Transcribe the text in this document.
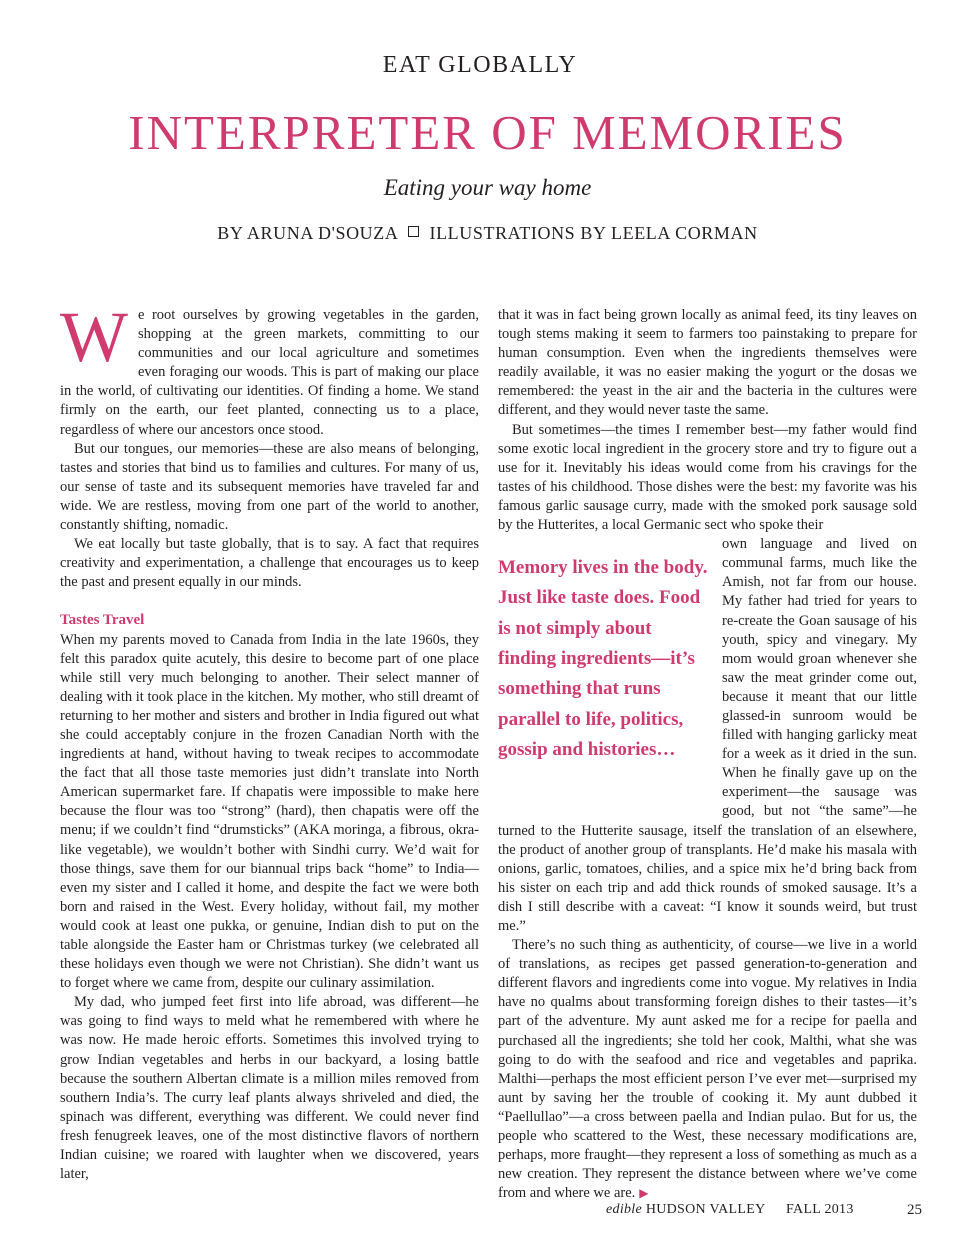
EAT GLOBALLY
INTERPRETER OF MEMORIES
Eating your way home
BY ARUNA D'SOUZA ILLUSTRATIONS BY LEELA CORMAN

We root ourselves by growing vegetables in the garden, shopping at the green markets, committing to our communities and our local agriculture and sometimes even foraging our woods. This is part of making our place in the world, of cultivating our identities. Of finding a home. We stand firmly on the earth, our feet planted, connecting us to a place, regardless of where our ancestors once stood.

But our tongues, our memories—these are also means of belonging, tastes and stories that bind us to families and cultures. For many of us, our sense of taste and its subsequent memories have traveled far and wide. We are restless, moving from one part of the world to another, constantly shifting, nomadic.

We eat locally but taste globally, that is to say. A fact that requires creativity and experimentation, a challenge that encourages us to keep the past and present equally in our minds.

Tastes Travel

When my parents moved to Canada from India in the late 1960s, they felt this paradox quite acutely, this desire to become part of one place while still very much belonging to another. Their select manner of dealing with it took place in the kitchen. My mother, who still dreamt of returning to her mother and sisters and brother in India figured out what she could acceptably conjure in the frozen Canadian North with the ingredients at hand, without having to tweak recipes to accommodate the fact that all those taste memories just didn’t translate into North American supermarket fare. If chapatis were impossible to make here because the flour was too “strong” (hard), then chapatis were off the menu; if we couldn’t find “drumsticks” (AKA moringa, a fibrous, okra-like vegetable), we wouldn’t bother with Sindhi curry. We’d wait for those things, save them for our biannual trips back “home” to India—even my sister and I called it home, and despite the fact we were both born and raised in the West. Every holiday, without fail, my mother would cook at least one pukka, or genuine, Indian dish to put on the table alongside the Easter ham or Christmas turkey (we celebrated all these holidays even though we were not Christian). She didn’t want us to forget where we came from, despite our culinary assimilation.

My dad, who jumped feet first into life abroad, was different—he was going to find ways to meld what he remembered with where he was now. He made heroic efforts. Sometimes this involved trying to grow Indian vegetables and herbs in our backyard, a losing battle because the southern Albertan climate is a million miles removed from southern India’s. The curry leaf plants always shriveled and died, the spinach was different, everything was different. We could never find fresh fenugreek leaves, one of the most distinctive flavors of northern Indian cuisine; we roared with laughter when we discovered, years later,

that it was in fact being grown locally as animal feed, its tiny leaves on tough stems making it seem to farmers too painstaking to prepare for human consumption. Even when the ingredients themselves were readily available, it was no easier making the yogurt or the dosas we remembered: the yeast in the air and the bacteria in the cultures were different, and they would never taste the same.

But sometimes—the times I remember best—my father would find some exotic local ingredient in the grocery store and try to figure out a use for it. Inevitably his ideas would come from his cravings for the tastes of his childhood. Those dishes were the best: my favorite was his famous garlic sausage curry, made with the smoked pork sausage sold by the Hutterites, a local Germanic sect who spoke their

Memory lives in the body. Just like taste does. Food is not simply about finding ingredients—it’s something that runs parallel to life, politics, gossip and histories…

own language and lived on communal farms, much like the Amish, not far from our house. My father had tried for years to re-create the Goan sausage of his youth, spicy and vinegary. My mom would groan whenever she saw the meat grinder come out, because it meant that our little glassed-in sunroom would be filled with hanging garlicky meat for a week as it dried in the sun. When he finally gave up on the experiment—the sausage was good, but not “the same”—he turned to the Hutterite sausage, itself the translation of an elsewhere, the product of another group of transplants. He’d make his masala with onions, garlic, tomatoes, chilies, and a spice mix he’d bring back from his sister on each trip and add thick rounds of smoked sausage. It’s a dish I still describe with a caveat: “I know it sounds weird, but trust me.”

There’s no such thing as authenticity, of course—we live in a world of translations, as recipes get passed generation-to-generation and different flavors and ingredients come into vogue. My relatives in India have no qualms about transforming foreign dishes to their tastes—it’s part of the adventure. My aunt asked me for a recipe for paella and purchased all the ingredients; she told her cook, Malthi, what she was going to do with the seafood and rice and vegetables and paprika. Malthi—perhaps the most efficient person I’ve ever met—surprised my aunt by saving her the trouble of cooking it. My aunt dubbed it “Paellullao”—a cross between paella and Indian pulao. But for us, the people who scattered to the West, these necessary modifications are, perhaps, more fraught—they represent a loss of something as much as a new creation. They represent the distance between where we’ve come from and where we are. ▶

edible HUDSON VALLEY FALL 2013	25
